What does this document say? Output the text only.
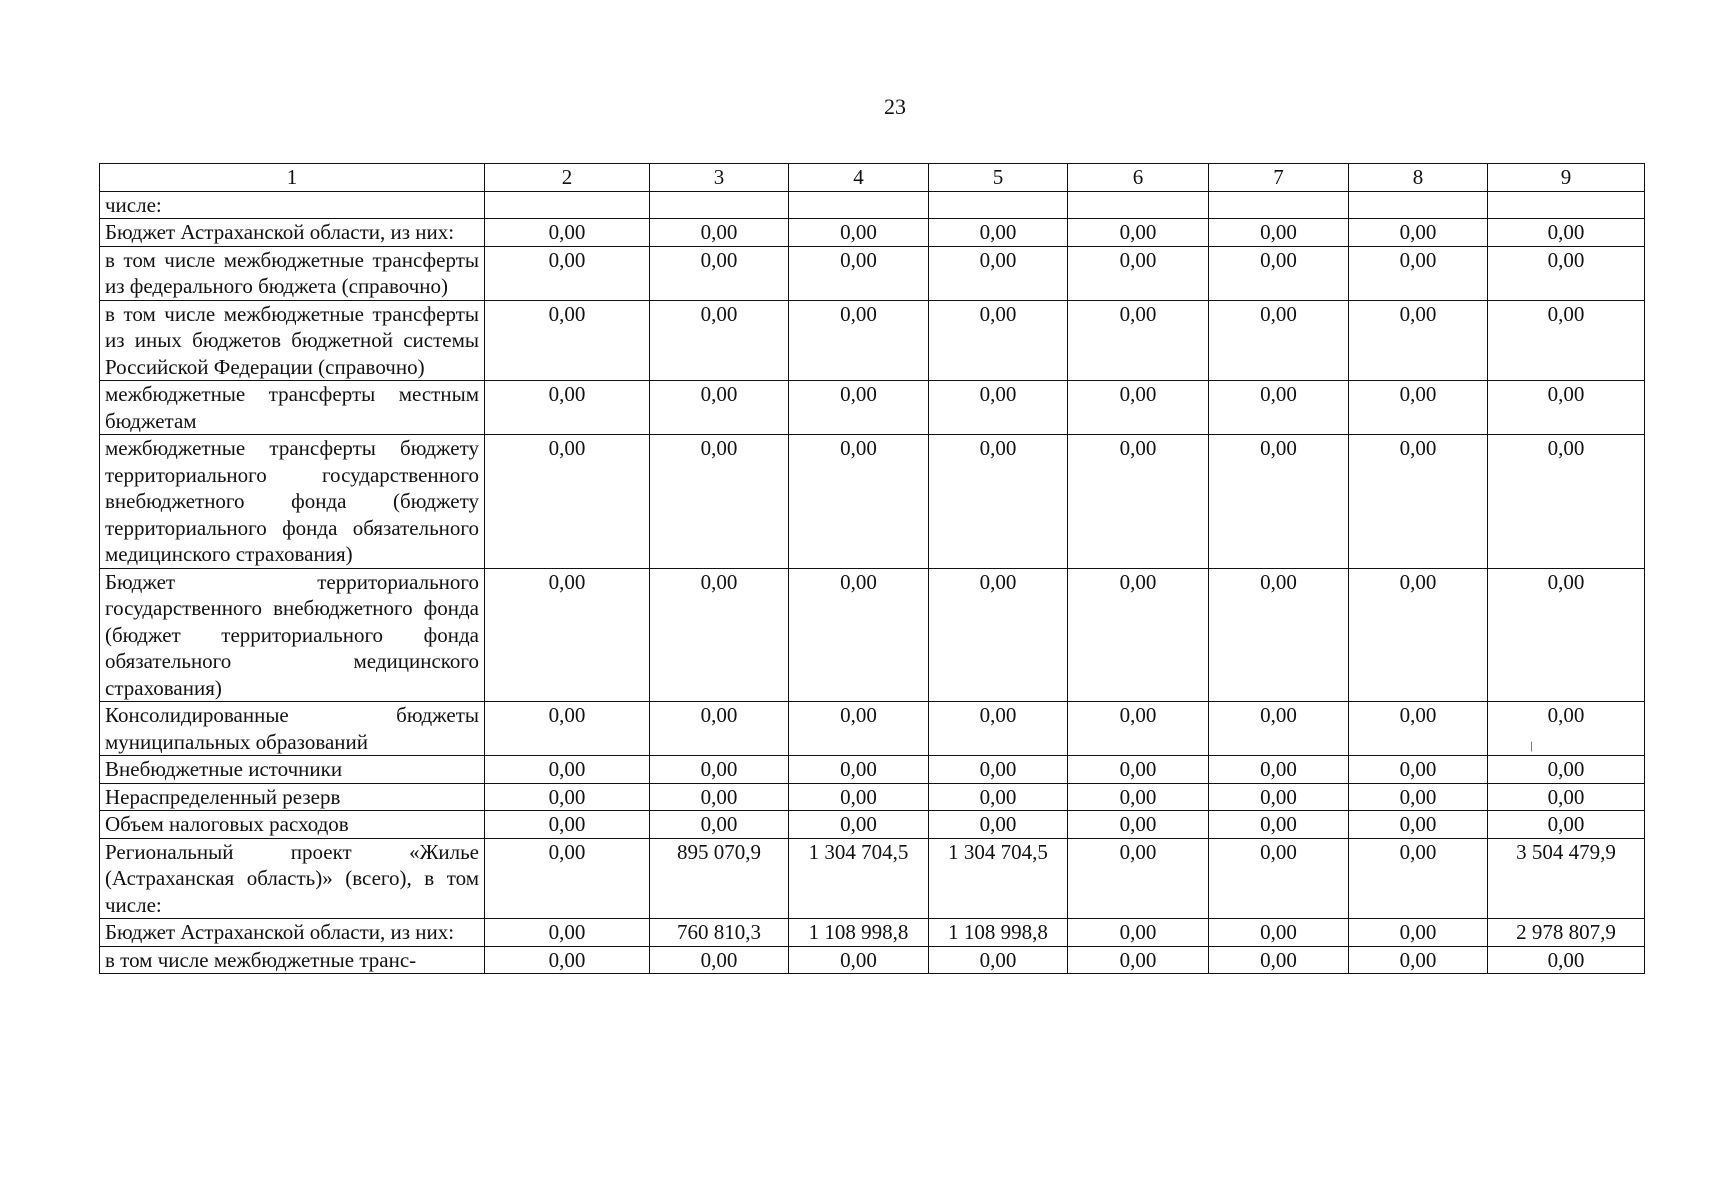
23
1	2	3	4	5	6	7	8	9
числе:								
Бюджет Астраханской области, из них:	0,00	0,00	0,00	0,00	0,00	0,00	0,00	0,00
в том числе межбюджетные трансферты из федерального бюджета (справочно)	0,00	0,00	0,00	0,00	0,00	0,00	0,00	0,00
в том числе межбюджетные трансферты из иных бюджетов бюджетной системы Российской Федерации (справочно)	0,00	0,00	0,00	0,00	0,00	0,00	0,00	0,00
межбюджетные трансферты местным бюджетам	0,00	0,00	0,00	0,00	0,00	0,00	0,00	0,00
межбюджетные трансферты бюджету территориального государственного внебюджетного фонда (бюджету территориального фонда обязательного медицинского страхования)	0,00	0,00	0,00	0,00	0,00	0,00	0,00	0,00
Бюджет территориального государственного внебюджетного фонда (бюджет территориального фонда обязательного медицинского страхования)	0,00	0,00	0,00	0,00	0,00	0,00	0,00	0,00
Консолидированные бюджеты муниципальных образований	0,00	0,00	0,00	0,00	0,00	0,00	0,00	0,00
Внебюджетные источники	0,00	0,00	0,00	0,00	0,00	0,00	0,00	0,00
Нераспределенный резерв	0,00	0,00	0,00	0,00	0,00	0,00	0,00	0,00
Объем налоговых расходов	0,00	0,00	0,00	0,00	0,00	0,00	0,00	0,00
Региональный проект «Жилье (Астраханская область)» (всего), в том числе:	0,00	895 070,9	1 304 704,5	1 304 704,5	0,00	0,00	0,00	3 504 479,9
Бюджет Астраханской области, из них:	0,00	760 810,3	1 108 998,8	1 108 998,8	0,00	0,00	0,00	2 978 807,9
в том числе межбюджетные транс-	0,00	0,00	0,00	0,00	0,00	0,00	0,00	0,00
/
